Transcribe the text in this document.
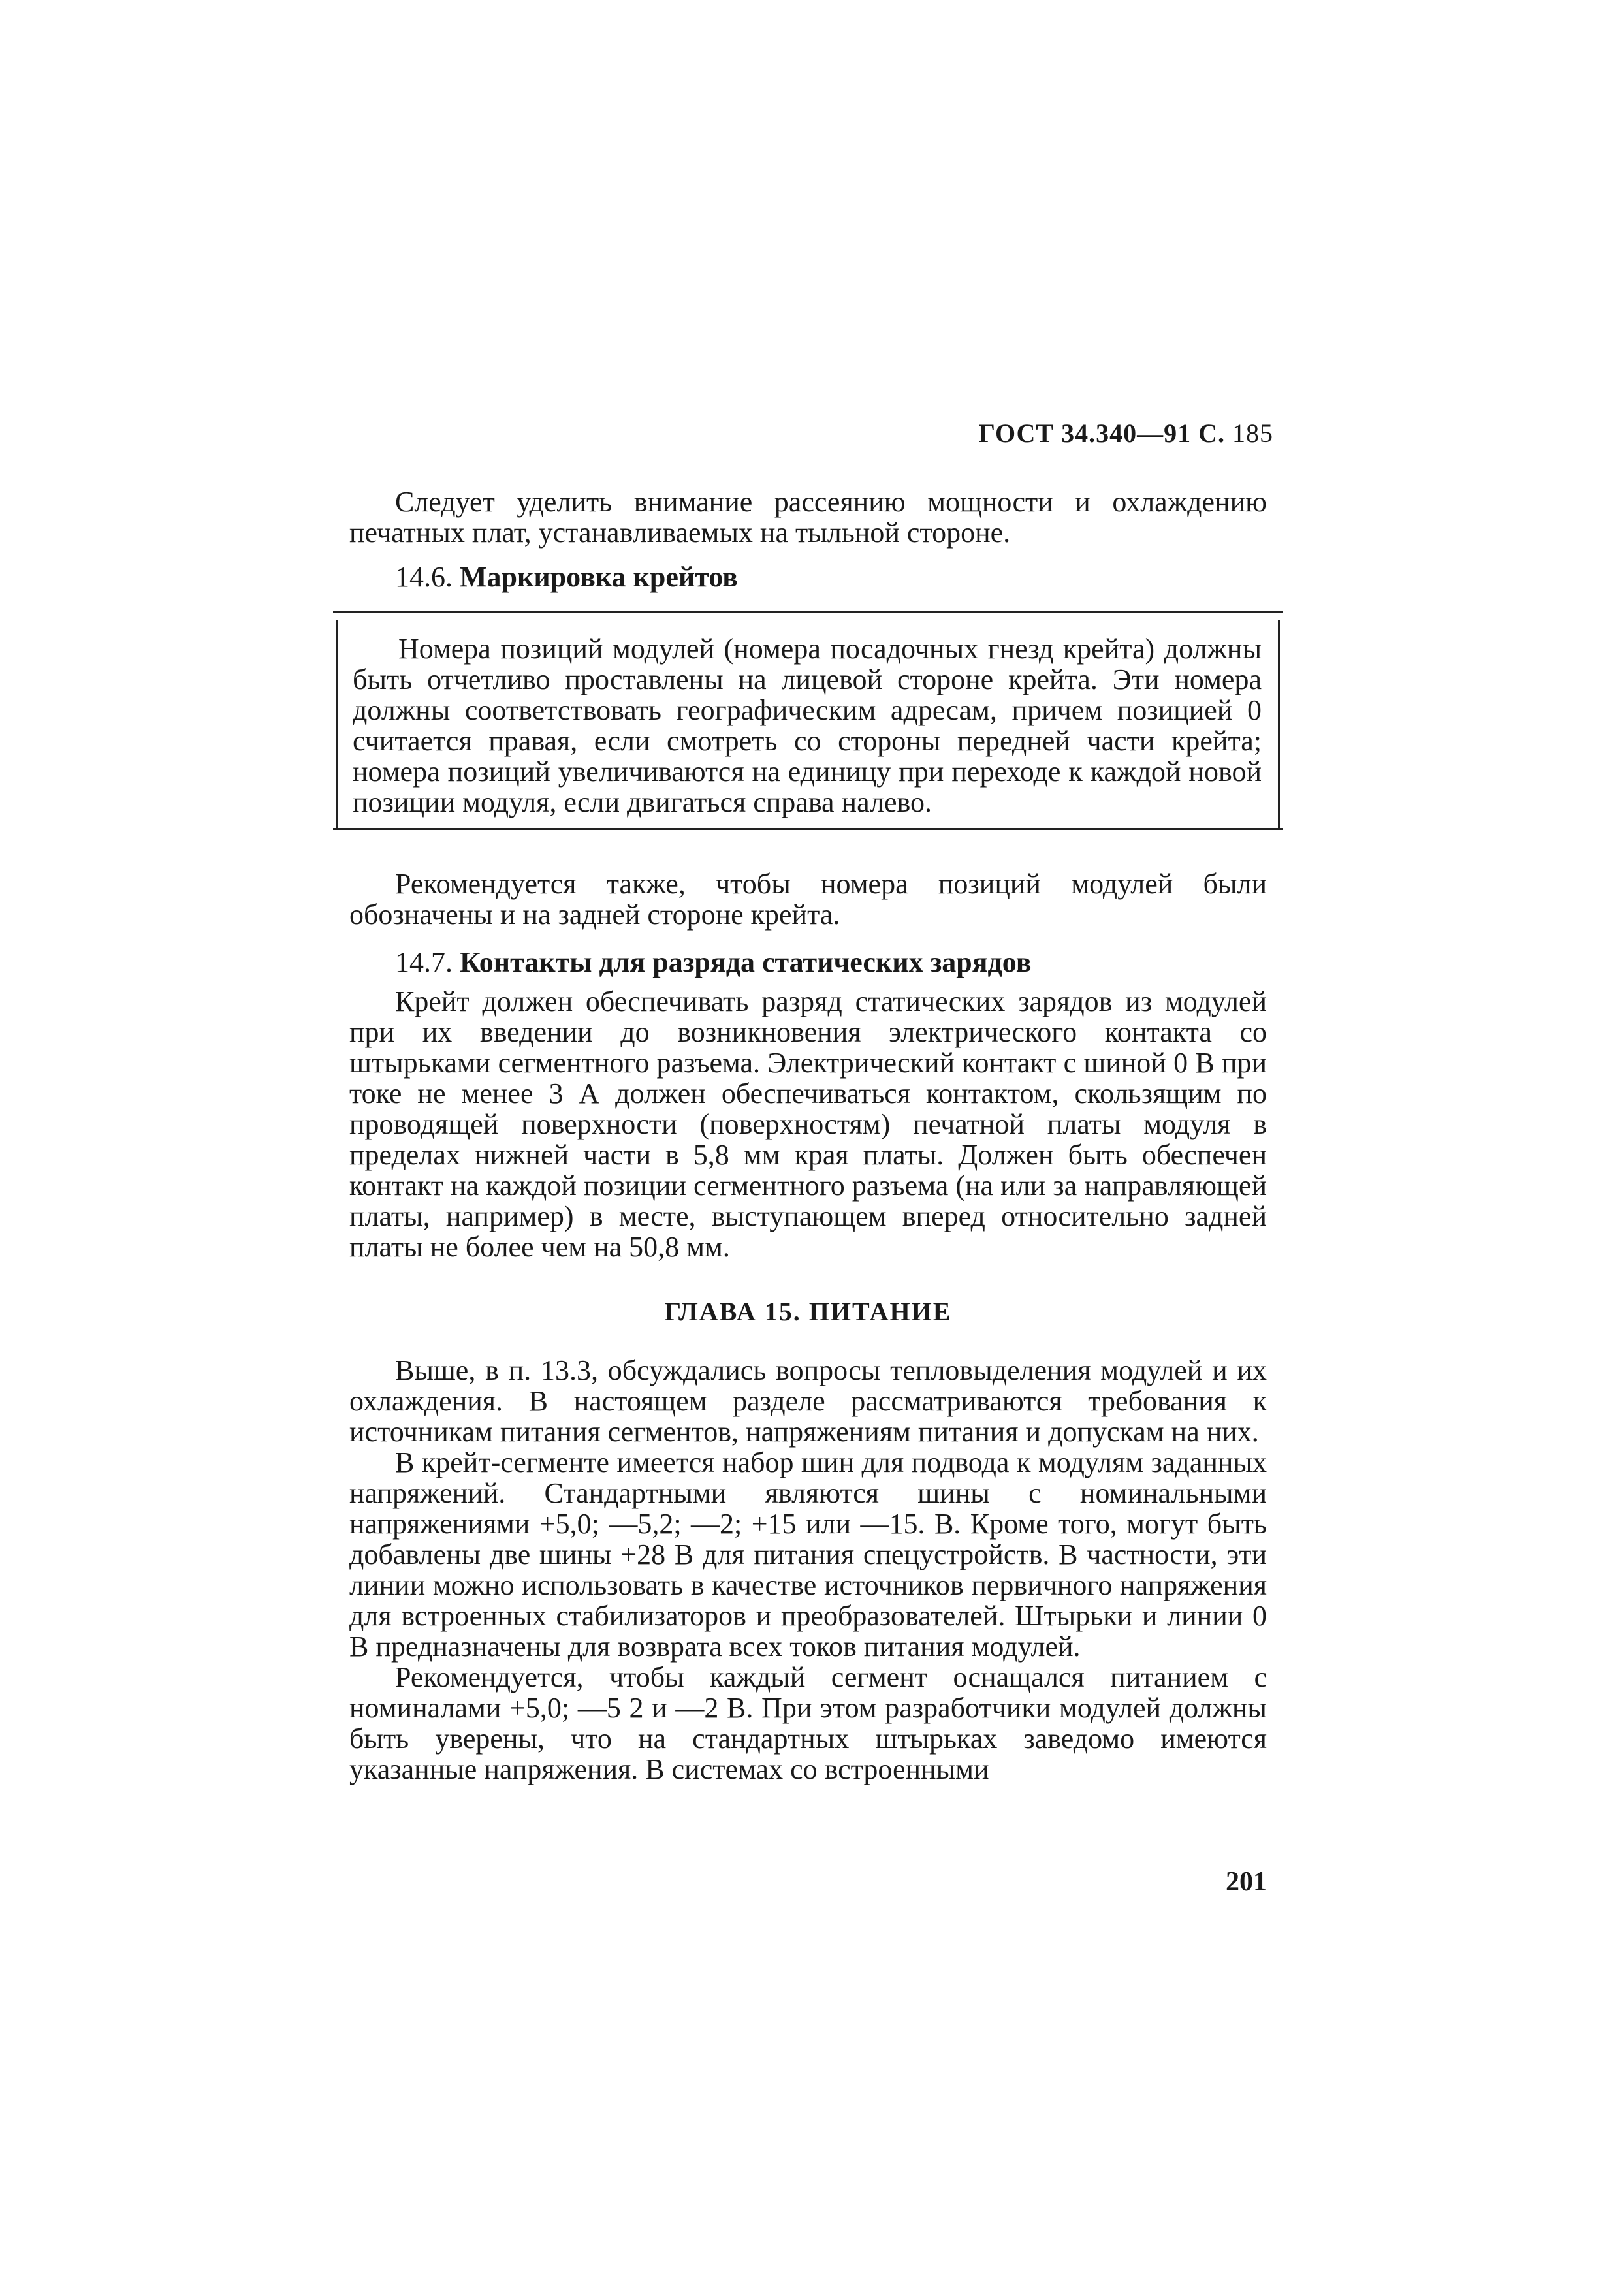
ГОСТ 34.340—91 С. 185

Следует уделить внимание рассеянию мощности и охлаждению печатных плат, устанавливаемых на тыльной стороне.

14.6. Маркировка крейтов

Номера позиций модулей (номера посадочных гнезд крейта) должны быть отчетливо проставлены на лицевой стороне крейта. Эти номера должны соответствовать географическим адресам, причем позицией 0 считается правая, если смотреть со стороны передней части крейта; номера позиций увеличиваются на единицу при переходе к каждой новой позиции модуля, если двигаться справа налево.

Рекомендуется также, чтобы номера позиций модулей были обозначены и на задней стороне крейта.

14.7. Контакты для разряда статических зарядов

Крейт должен обеспечивать разряд статических зарядов из модулей при их введении до возникновения электрического контакта со штырьками сегментного разъема. Электрический контакт с шиной 0 В при токе не менее 3 А должен обеспечиваться контактом, скользящим по проводящей поверхности (поверхностям) печатной платы модуля в пределах нижней части в 5,8 мм края платы. Должен быть обеспечен контакт на каждой позиции сегментного разъема (на или за направляющей платы, например) в месте, выступающем вперед относительно задней платы не более чем на 50,8 мм.

ГЛАВА 15. ПИТАНИЕ

Выше, в п. 13.3, обсуждались вопросы тепловыделения модулей и их охлаждения. В настоящем разделе рассматриваются требования к источникам питания сегментов, напряжениям питания и допускам на них.

В крейт-сегменте имеется набор шин для подвода к модулям заданных напряжений. Стандартными являются шины с номинальными напряжениями +5,0; —5,2; —2; +15 или —15. В. Кроме того, могут быть добавлены две шины +28 В для питания спецустройств. В частности, эти линии можно использовать в качестве источников первичного напряжения для встроенных стабилизаторов и преобразователей. Штырьки и линии 0 В предназначены для возврата всех токов питания модулей.

Рекомендуется, чтобы каждый сегмент оснащался питанием с номиналами +5,0; —5 2 и —2 В. При этом разработчики модулей должны быть уверены, что на стандартных штырьках заведомо имеются указанные напряжения. В системах со встроенными

201
